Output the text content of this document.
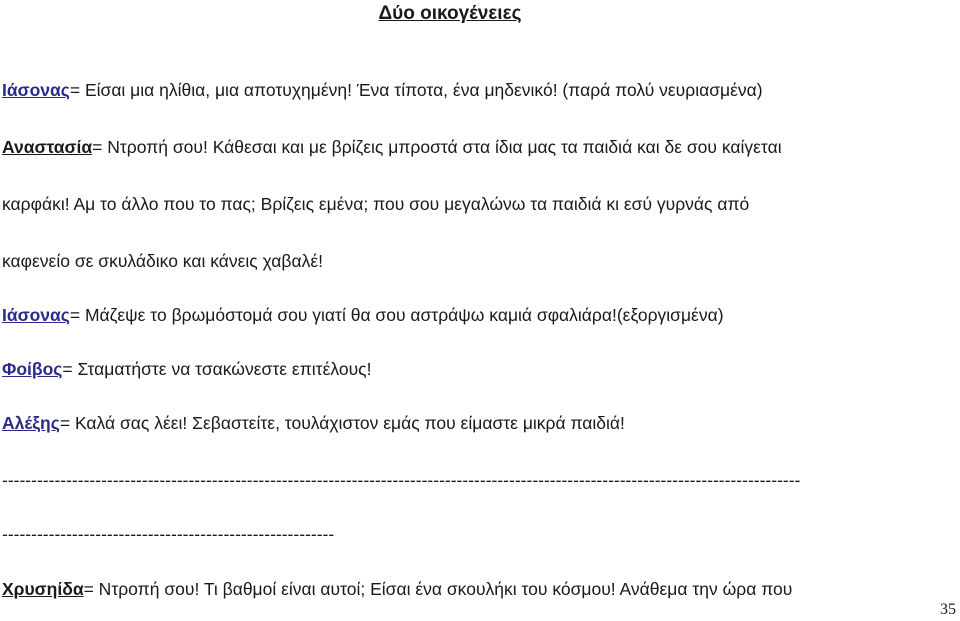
Δύο οικογένειες
Ιάσονας= Είσαι μια ηλίθια, μια αποτυχημένη! Ένα τίποτα, ένα μηδενικό! (παρά πολύ νευριασμένα)
Αναστασία= Ντροπή σου! Κάθεσαι και με βρίζεις μπροστά στα ίδια μας τα παιδιά και δε σου καίγεται
καρφάκι! Αμ το άλλο που το πας; Βρίζεις εμένα; που σου μεγαλώνω τα παιδιά κι εσύ γυρνάς από
καφενείο σε σκυλάδικο και κάνεις χαβαλέ!
Ιάσονας= Μάζεψε το βρωμόστομά σου γιατί θα σου αστράψω καμιά σφαλιάρα!(εξοργισμένα)
Φοίβος= Σταματήστε να τσακώνεστε επιτέλους!
Αλέξης= Καλά σας λέει! Σεβαστείτε, τουλάχιστον εμάς που είμαστε μικρά παιδιά!
-----------------------------------------------------------------------------------------------------------------------------------------
---------------------------------------------------------
Χρυσηίδα= Ντροπή σου! Τι βαθμοί είναι αυτοί; Είσαι ένα σκουλήκι του κόσμου! Ανάθεμα την ώρα που
35
